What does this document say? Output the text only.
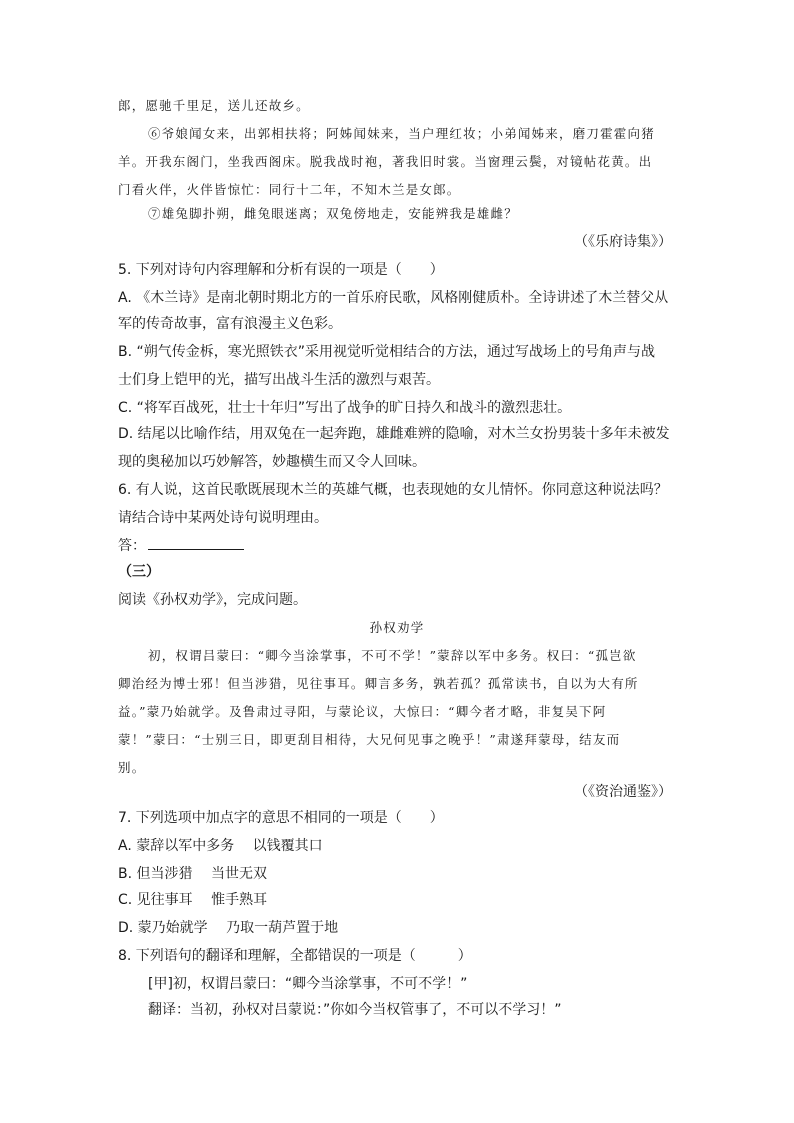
郎，愿驰千里足，送儿还故乡。
⑥爷娘闻女来，出郭相扶将；阿姊闻妹来，当户理红妆；小弟闻姊来，磨刀霍霍向猪
羊。开我东阁门，坐我西阁床。脱我战时袍，著我旧时裳。当窗理云鬓，对镜帖花黄。出
门看火伴，火伴皆惊忙：同行十二年，不知木兰是女郎。
⑦雄兔脚扑朔，雌兔眼迷离；双兔傍地走，安能辨我是雄雌？
（《乐府诗集》）
5. 下列对诗句内容理解和分析有误的一项是（　　）
A. 《木兰诗》是南北朝时期北方的一首乐府民歌，风格刚健质朴。全诗讲述了木兰替父从
军的传奇故事，富有浪漫主义色彩。
B. “朔气传金柝，寒光照铁衣”采用视觉听觉相结合的方法，通过写战场上的号角声与战
士们身上铠甲的光，描写出战斗生活的激烈与艰苦。
C. “将军百战死，壮士十年归”写出了战争的旷日持久和战斗的激烈悲壮。
D. 结尾以比喻作结，用双兔在一起奔跑，雄雌难辨的隐喻，对木兰女扮男装十多年未被发
现的奥秘加以巧妙解答，妙趣横生而又令人回味。
6. 有人说，这首民歌既展现木兰的英雄气概，也表现她的女儿情怀。你同意这种说法吗？
请结合诗中某两处诗句说明理由。
答：
（三）
阅读《孙权劝学》，完成问题。
孙权劝学
初，权谓吕蒙曰：“卿今当涂掌事，不可不学！”蒙辞以军中多务。权曰：“孤岂欲
卿治经为博士邪！但当涉猎，见往事耳。卿言多务，孰若孤？孤常读书，自以为大有所
益。”蒙乃始就学。及鲁肃过寻阳，与蒙论议，大惊曰：“卿今者才略，非复吴下阿
蒙！”蒙曰：“士别三日，即更刮目相待，大兄何见事之晚乎！”肃遂拜蒙母，结友而
别。
（《资治通鉴》）
7. 下列选项中加点字的意思不相同的一项是（　　）
A. 蒙辞以军中多务　 以钱覆其口
B. 但当涉猎　 当世无双
C. 见往事耳　 惟手熟耳
D. 蒙乃始就学　 乃取一葫芦置于地
8. 下列语句的翻译和理解，全都错误的一项是（　　　）
[甲]初，权谓吕蒙曰：“卿今当涂掌事，不可不学！”
翻译：当初，孙权对吕蒙说：”你如今当权管事了，不可以不学习！”
